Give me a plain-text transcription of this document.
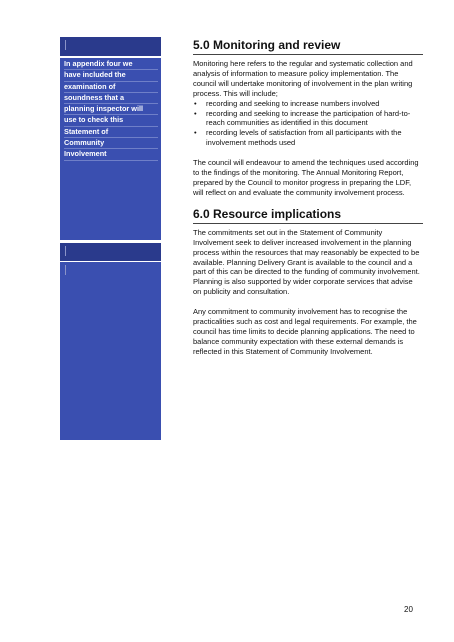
In appendix four we
have included the
examination of
soundness that a
planning inspector will
use to check this
Statement of
Community
Involvement
5.0 Monitoring and review

Monitoring here refers to the regular and systematic collection and analysis of information to measure policy implementation. The council will undertake monitoring of involvement in the plan writing process. This will include;

• recording and seeking to increase numbers involved
• recording and seeking to increase the participation of hard-to-reach communities as identified in this document
• recording levels of satisfaction from all participants with the involvement methods used

The council will endeavour to amend the techniques used according to the findings of the monitoring. The Annual Monitoring Report, prepared by the Council to monitor progress in preparing the LDF, will reflect on and evaluate the community involvement process.

6.0 Resource implications

The commitments set out in the Statement of Community Involvement seek to deliver increased involvement in the planning process within the resources that may reasonably be expected to be available. Planning Delivery Grant is available to the council and a part of this can be directed to the funding of community involvement. Planning is also supported by wider corporate services that advise on publicity and consultation.

Any commitment to community involvement has to recognise the practicalities such as cost and legal requirements. For example, the council has time limits to decide planning applications. The need to balance community expectation with these external demands is reflected in this Statement of Community Involvement.

20
